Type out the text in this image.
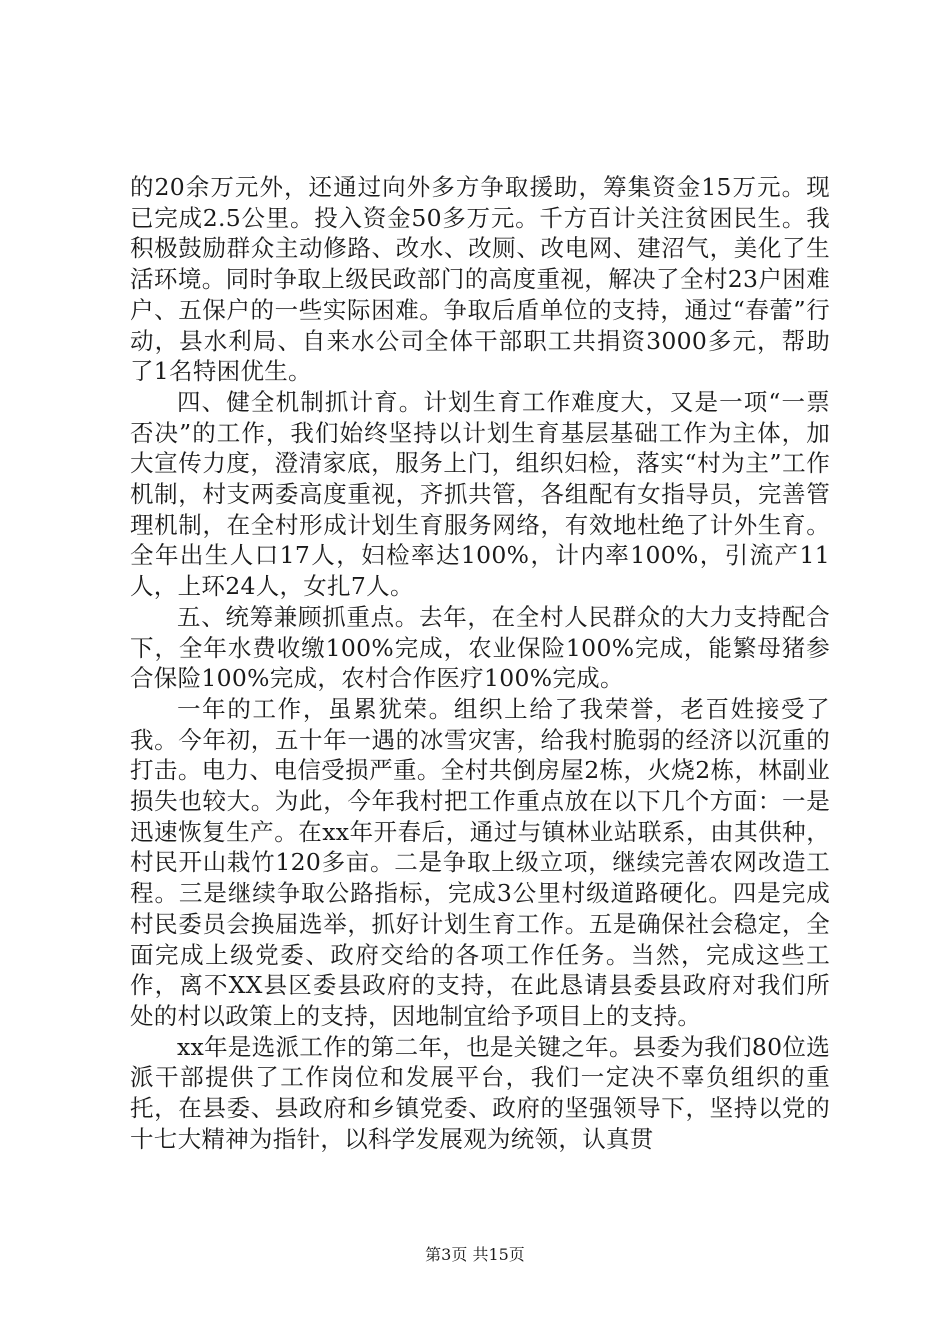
的20余万元外，还通过向外多方争取援助，筹集资金15万元。现已完成2.5公里。投入资金50多万元。千方百计关注贫困民生。我积极鼓励群众主动修路、改水、改厕、改电网、建沼气，美化了生活环境。同时争取上级民政部门的高度重视，解决了全村23户困难户、五保户的一些实际困难。争取后盾单位的支持，通过“春蕾”行动，县水利局、自来水公司全体干部职工共捐资3000多元，帮助了1名特困优生。

四、健全机制抓计育。计划生育工作难度大，又是一项“一票否决”的工作，我们始终坚持以计划生育基层基础工作为主体，加大宣传力度，澄清家底，服务上门，组织妇检，落实“村为主”工作机制，村支两委高度重视，齐抓共管，各组配有女指导员，完善管理机制，在全村形成计划生育服务网络，有效地杜绝了计外生育。全年出生人口17人，妇检率达100%，计内率100%，引流产11人，上环24人，女扎7人。

五、统筹兼顾抓重点。去年，在全村人民群众的大力支持配合下，全年水费收缴100%完成，农业保险100%完成，能繁母猪参合保险100%完成，农村合作医疗100%完成。

一年的工作，虽累犹荣。组织上给了我荣誉，老百姓接受了我。今年初，五十年一遇的冰雪灾害，给我村脆弱的经济以沉重的打击。电力、电信受损严重。全村共倒房屋2栋，火烧2栋，林副业损失也较大。为此，今年我村把工作重点放在以下几个方面：一是迅速恢复生产。在xx年开春后，通过与镇林业站联系，由其供种，村民开山栽竹120多亩。二是争取上级立项，继续完善农网改造工程。三是继续争取公路指标，完成3公里村级道路硬化。四是完成村民委员会换届选举，抓好计划生育工作。五是确保社会稳定，全面完成上级党委、政府交给的各项工作任务。当然，完成这些工作，离不XX县区委县政府的支持，在此恳请县委县政府对我们所处的村以政策上的支持，因地制宜给予项目上的支持。

xx年是选派工作的第二年，也是关键之年。县委为我们80位选派干部提供了工作岗位和发展平台，我们一定决不辜负组织的重托，在县委、县政府和乡镇党委、政府的坚强领导下，坚持以党的十七大精神为指针，以科学发展观为统领，认真贯

第3页 共15页
